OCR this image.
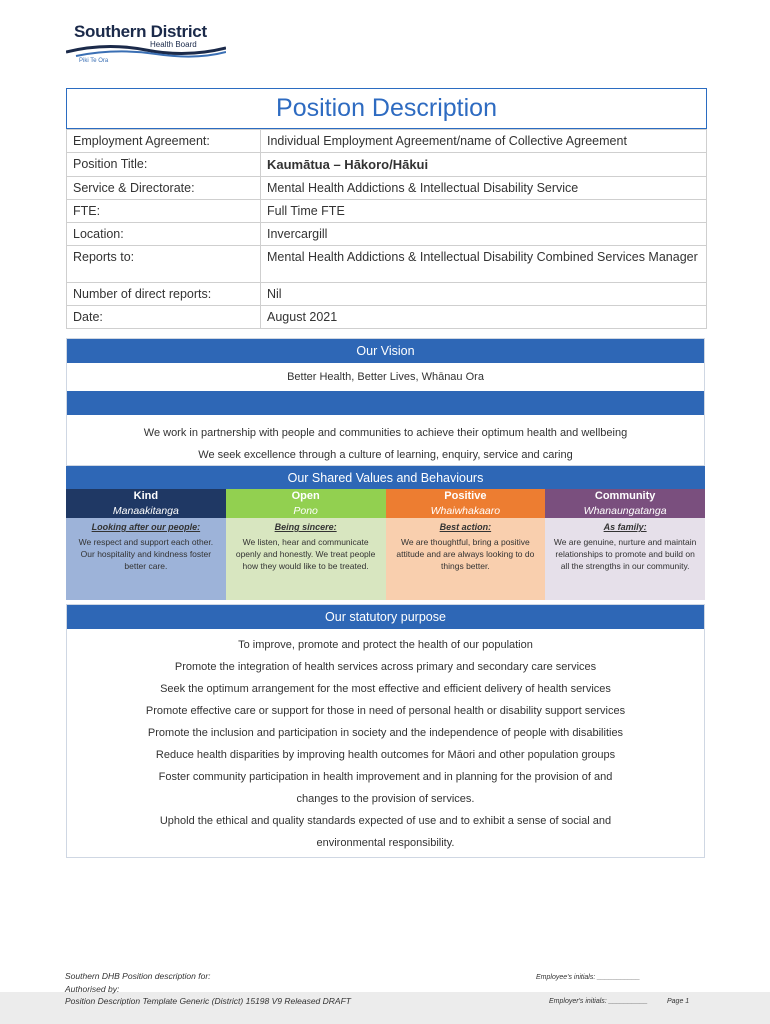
Southern District
Health Board
Piki Te Ora
Position Description
Employment Agreement:	Individual Employment Agreement/name of Collective Agreement
Position Title:	Kaumātua – Hākoro/Hākui
Service & Directorate:	Mental Health Addictions & Intellectual Disability Service
FTE:	Full Time FTE
Location:	Invercargill
Reports to:	Mental Health Addictions & Intellectual Disability Combined Services Manager
Number of direct reports:	Nil
Date:	August 2021
Our Vision
Better Health, Better Lives, Whānau Ora
We work in partnership with people and communities to achieve their optimum health and wellbeing
We seek excellence through a culture of learning, enquiry, service and caring
Our Shared Values and Behaviours
Kind
Manaakitanga
Looking after our people:
We respect and support each other. Our hospitality and kindness foster better care.
Open
Pono
Being sincere:
We listen, hear and communicate openly and honestly. We treat people how they would like to be treated.
Positive
Whaiwhakaaro
Best action:
We are thoughtful, bring a positive attitude and are always looking to do things better.
Community
Whanaungatanga
As family:
We are genuine, nurture and maintain relationships to promote and build on all the strengths in our community.
Our statutory purpose
To improve, promote and protect the health of our population
Promote the integration of health services across primary and secondary care services
Seek the optimum arrangement for the most effective and efficient delivery of health services
Promote effective care or support for those in need of personal health or disability support services
Promote the inclusion and participation in society and the independence of people with disabilities
Reduce health disparities by improving health outcomes for Māori and other population groups
Foster community participation in health improvement and in planning for the provision of and
changes to the provision of services.
Uphold the ethical and quality standards expected of use and to exhibit a sense of social and
environmental responsibility.
Southern DHB Position description for:
Authorised by:
Position Description Template Generic (District) 15198 V9 Released DRAFT
Employee's initials: ___________
Employer's initials: __________	Page 1
